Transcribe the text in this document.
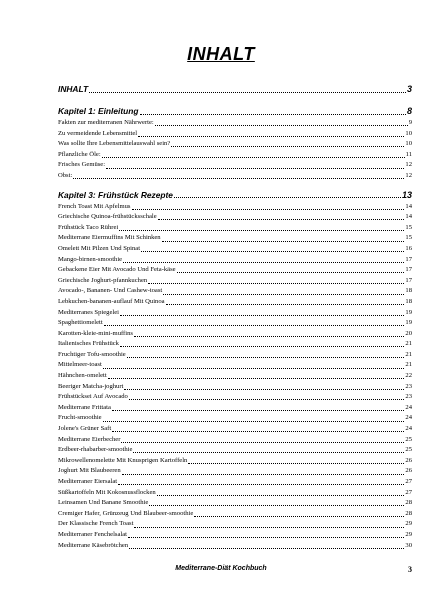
INHALT
INHALT	3
Kapitel 1: Einleitung	8
Fakten zur mediterranen Nährwerte:	9
Zu vermeidende Lebensmittel	10
Was sollte Ihre Lebensmittelauswahl sein?	10
Pflanzliche Öle:	11
Frisches Gemüse:	12
Obst:	12
Kapitel 3: Frühstück Rezepte	13
French Toast Mit Apfelmus	14
Griechische Quinoa-frühstücksschale	14
Frühstück Taco Rührei	15
Mediterrane Eiermuffins Mit Schinken	15
Omelett Mit Pilzen Und Spinat	16
Mango-birnen-smoothie	17
Gebackene Eier Mit Avocado Und Feta-käse	17
Griechische Joghurt-pfannkuchen	17
Avocado-, Bananen- Und Cashew-toast	18
Lebkuchen-bananen-auflauf Mit Quinoa	18
Mediterranes Spiegelei	19
Spaghettiomelett	19
Karotten-kleie-mini-muffins	20
Italienisches Frühstück	21
Fruchtiger Tofu-smoothie	21
Mittelmeer-toast	21
Hähnchen-omelett	22
Beeriger Matcha-joghurt	23
Frühstücksei Auf Avocado	23
Mediterrane Frittata	24
Frucht-smoothie	24
Jolene's Grüner Saft	24
Mediterrane Eierbecher	25
Erdbeer-rhabarber-smoothie	25
Mikrowellenomelette Mit Knusprigen Kartoffeln	26
Joghurt Mit Blaubeeren	26
Mediterraner Eiersalat	27
Süßkartoffeln Mit Kokosnussflocken	27
Leinsamen Und Banane Smoothie	28
Cremiger Hafer, Grünzeug Und Blaubeer-smoothie	28
Der Klassische French Toast	29
Mediterraner Fenchelsalat	29
Mediterrane Käsebrötchen	30
Mediterrane-Diät Kochbuch	3
